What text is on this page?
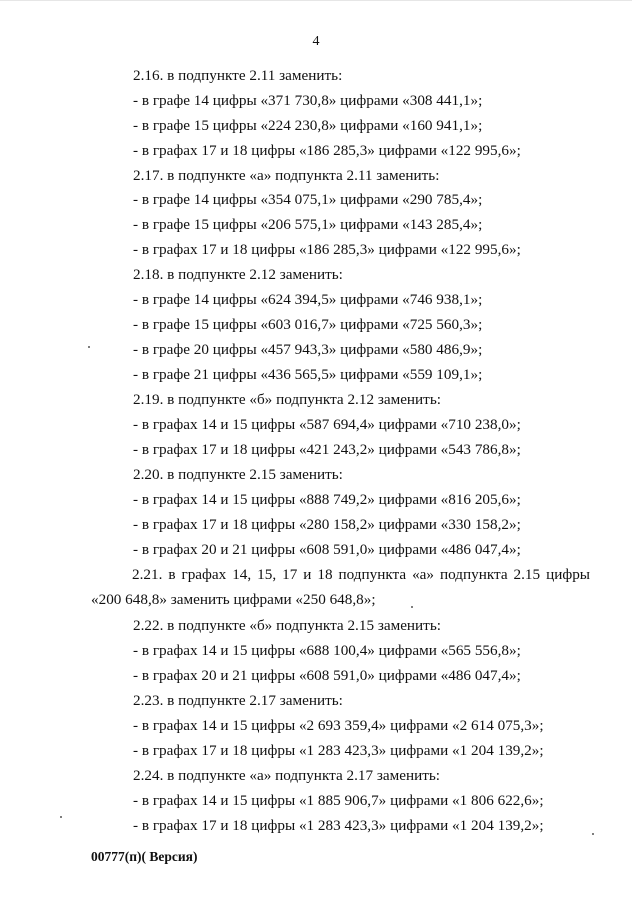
4
2.16. в подпункте 2.11 заменить:
- в графе 14 цифры «371 730,8» цифрами «308 441,1»;
- в графе 15 цифры «224 230,8» цифрами «160 941,1»;
- в графах 17 и 18 цифры «186 285,3» цифрами «122 995,6»;
2.17. в подпункте «а» подпункта 2.11 заменить:
- в графе 14 цифры «354 075,1» цифрами «290 785,4»;
- в графе 15 цифры «206 575,1» цифрами «143 285,4»;
- в графах 17 и 18 цифры «186 285,3» цифрами «122 995,6»;
2.18. в подпункте 2.12 заменить:
- в графе 14 цифры «624 394,5» цифрами «746 938,1»;
- в графе 15 цифры «603 016,7» цифрами «725 560,3»;
- в графе 20 цифры «457 943,3» цифрами «580 486,9»;
- в графе 21 цифры «436 565,5» цифрами «559 109,1»;
2.19. в подпункте «б» подпункта 2.12 заменить:
- в графах 14 и 15 цифры «587 694,4» цифрами «710 238,0»;
- в графах 17 и 18 цифры «421 243,2» цифрами «543 786,8»;
2.20. в подпункте 2.15 заменить:
- в графах 14 и 15 цифры «888 749,2» цифрами «816 205,6»;
- в графах 17 и 18 цифры «280 158,2» цифрами «330 158,2»;
- в графах 20 и 21 цифры «608 591,0» цифрами «486 047,4»;
2.21. в графах 14, 15, 17 и 18 подпункта «а» подпункта 2.15 цифры
«200 648,8» заменить цифрами «250 648,8»;
2.22. в подпункте «б» подпункта 2.15 заменить:
- в графах 14 и 15 цифры «688 100,4» цифрами «565 556,8»;
- в графах 20 и 21 цифры «608 591,0» цифрами «486 047,4»;
2.23. в подпункте 2.17 заменить:
- в графах 14 и 15 цифры «2 693 359,4» цифрами «2 614 075,3»;
- в графах 17 и 18 цифры «1 283 423,3» цифрами «1 204 139,2»;
2.24. в подпункте «а» подпункта 2.17 заменить:
- в графах 14 и 15 цифры «1 885 906,7» цифрами «1 806 622,6»;
- в графах 17 и 18 цифры «1 283 423,3» цифрами «1 204 139,2»;
00777(п)( Версия)
